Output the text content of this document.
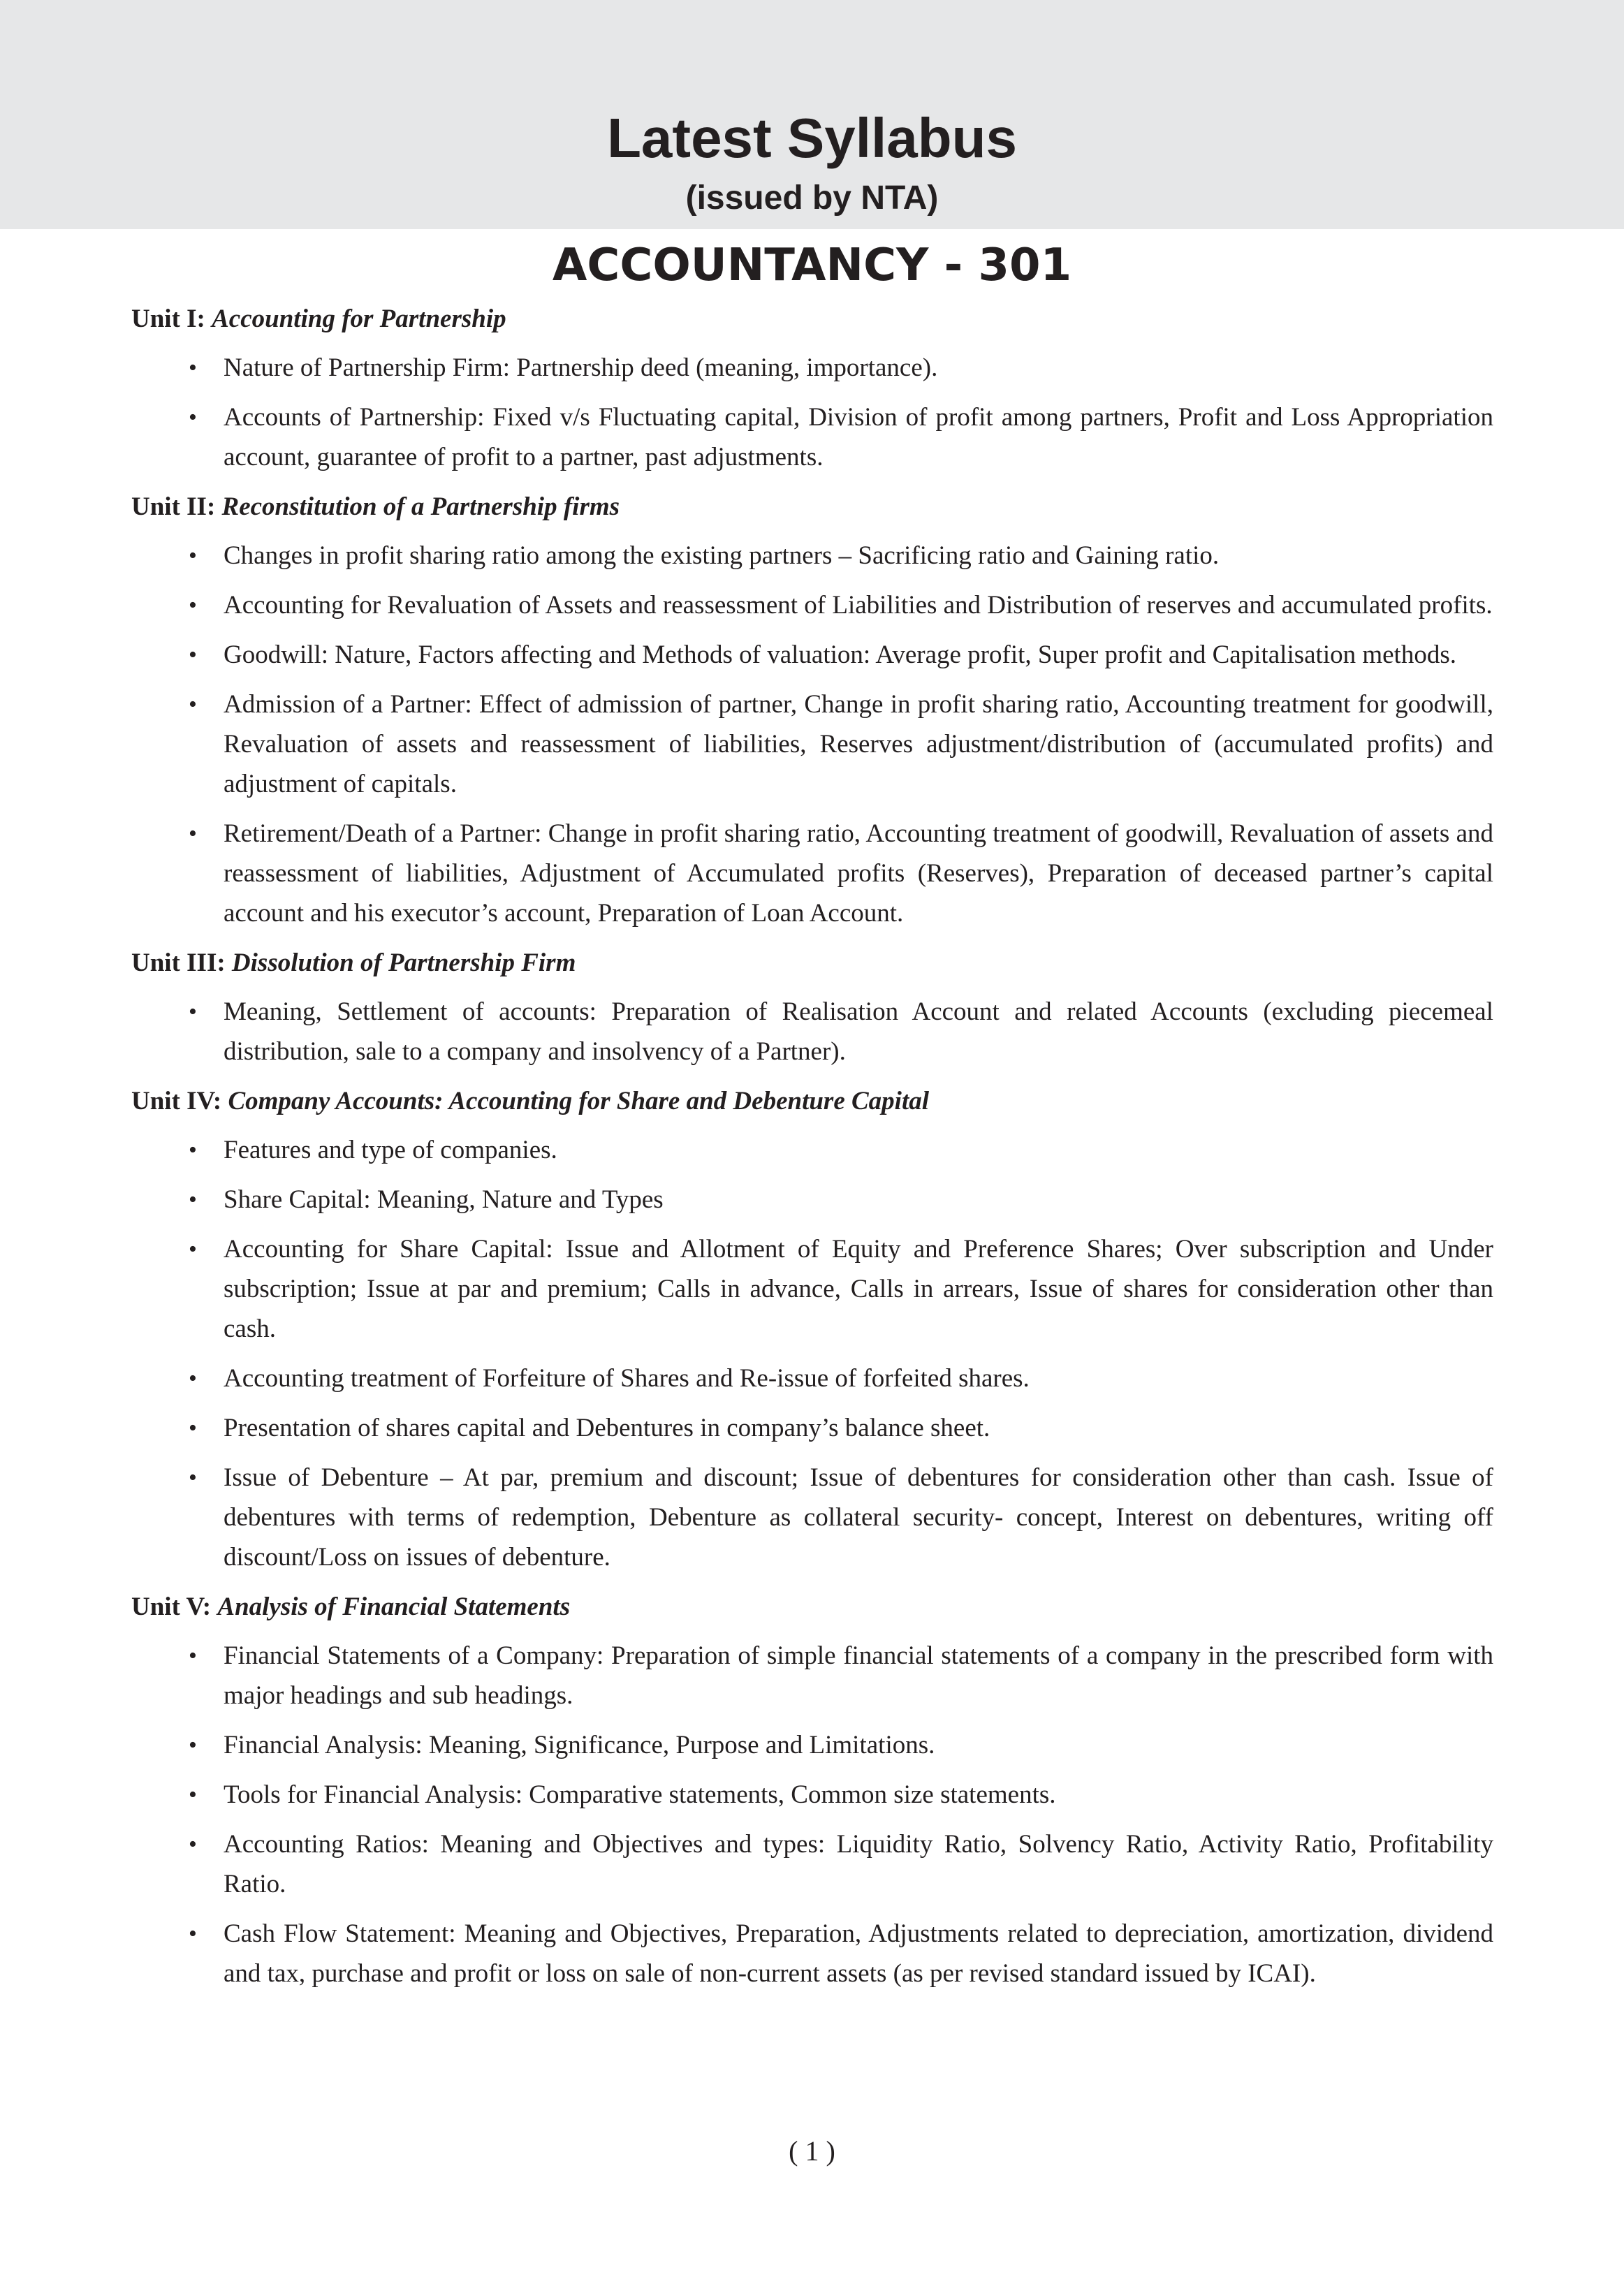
Latest Syllabus
(issued by NTA)
ACCOUNTANCY - 301
Unit I: Accounting for Partnership
• Nature of Partnership Firm: Partnership deed (meaning, importance).
• Accounts of Partnership: Fixed v/s Fluctuating capital, Division of profit among partners, Profit and Loss Appropriation account, guarantee of profit to a partner, past adjustments.
Unit II: Reconstitution of a Partnership firms
• Changes in profit sharing ratio among the existing partners – Sacrificing ratio and Gaining ratio.
• Accounting for Revaluation of Assets and reassessment of Liabilities and Distribution of reserves and accumulated profits.
• Goodwill: Nature, Factors affecting and Methods of valuation: Average profit, Super profit and Capitalisation methods.
• Admission of a Partner: Effect of admission of partner, Change in profit sharing ratio, Accounting treatment for goodwill, Revaluation of assets and reassessment of liabilities, Reserves adjustment/distribution of (accumulated profits) and adjustment of capitals.
• Retirement/Death of a Partner: Change in profit sharing ratio, Accounting treatment of goodwill, Revaluation of assets and reassessment of liabilities, Adjustment of Accumulated profits (Reserves), Preparation of deceased partner’s capital account and his executor’s account, Preparation of Loan Account.
Unit III: Dissolution of Partnership Firm
• Meaning, Settlement of accounts: Preparation of Realisation Account and related Accounts (excluding piecemeal distribution, sale to a company and insolvency of a Partner).
Unit IV: Company Accounts: Accounting for Share and Debenture Capital
• Features and type of companies.
• Share Capital: Meaning, Nature and Types
• Accounting for Share Capital: Issue and Allotment of Equity and Preference Shares; Over subscription and Under subscription; Issue at par and premium; Calls in advance, Calls in arrears, Issue of shares for consideration other than cash.
• Accounting treatment of Forfeiture of Shares and Re-issue of forfeited shares.
• Presentation of shares capital and Debentures in company’s balance sheet.
• Issue of Debenture – At par, premium and discount; Issue of debentures for consideration other than cash. Issue of debentures with terms of redemption, Debenture as collateral security- concept, Interest on debentures, writing off discount/Loss on issues of debenture.
Unit V: Analysis of Financial Statements
• Financial Statements of a Company: Preparation of simple financial statements of a company in the prescribed form with major headings and sub headings.
• Financial Analysis: Meaning, Significance, Purpose and Limitations.
• Tools for Financial Analysis: Comparative statements, Common size statements.
• Accounting Ratios: Meaning and Objectives and types: Liquidity Ratio, Solvency Ratio, Activity Ratio, Profitability Ratio.
• Cash Flow Statement: Meaning and Objectives, Preparation, Adjustments related to depreciation, amortization, dividend and tax, purchase and profit or loss on sale of non-current assets (as per revised standard issued by ICAI).
( 1 )
